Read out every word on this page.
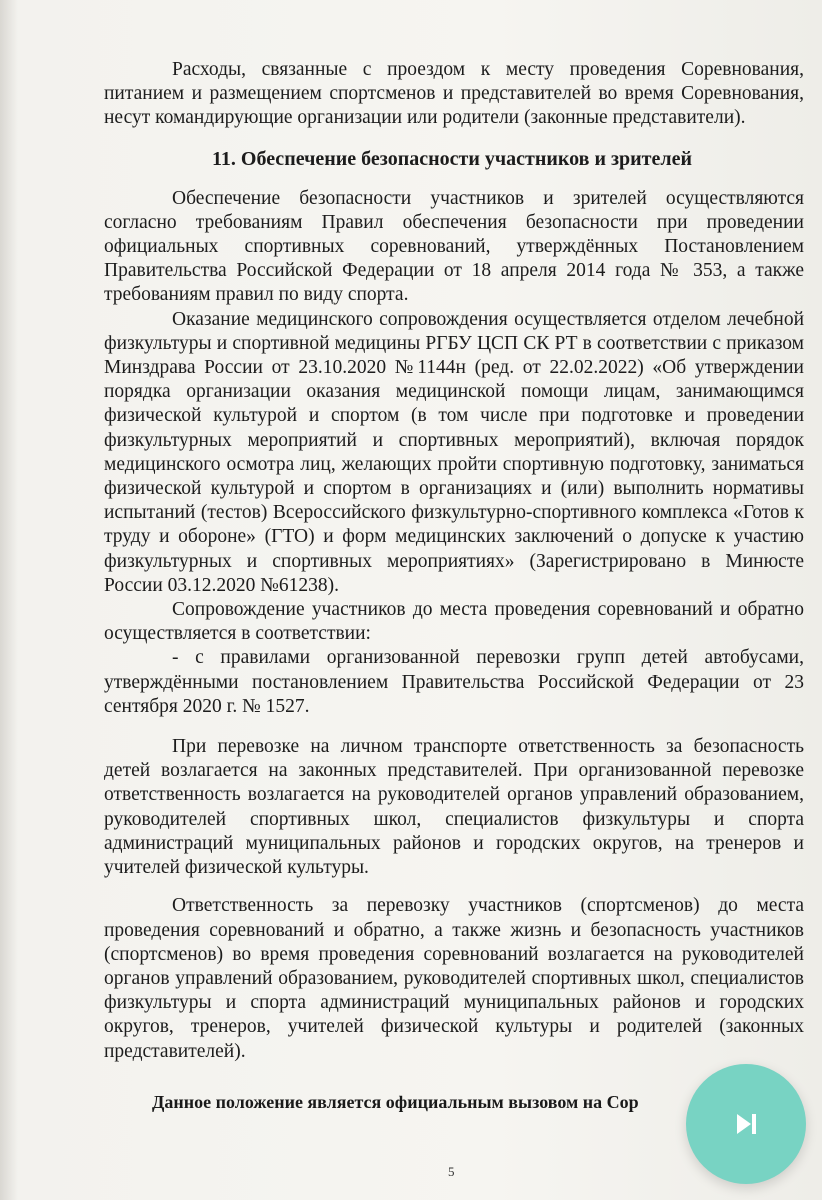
Расходы, связанные с проездом к месту проведения Соревнования, питанием и размещением спортсменов и представителей во время Соревнования, несут командирующие организации или родители (законные представители).

11. Обеспечение безопасности участников и зрителей

Обеспечение безопасности участников и зрителей осуществляются согласно требованиям Правил обеспечения безопасности при проведении официальных спортивных соревнований, утверждённых Постановлением Правительства Российской Федерации от 18 апреля 2014 года № 353, а также требованиям правил по виду спорта.

Оказание медицинского сопровождения осуществляется отделом лечебной физкультуры и спортивной медицины РГБУ ЦСП СК РТ в соответствии с приказом Минздрава России от 23.10.2020 №1144н (ред. от 22.02.2022) «Об утверждении порядка организации оказания медицинской помощи лицам, занимающимся физической культурой и спортом (в том числе при подготовке и проведении физкультурных мероприятий и спортивных мероприятий), включая порядок медицинского осмотра лиц, желающих пройти спортивную подготовку, заниматься физической культурой и спортом в организациях и (или) выполнить нормативы испытаний (тестов) Всероссийского физкультурно-спортивного комплекса «Готов к труду и обороне» (ГТО) и форм медицинских заключений о допуске к участию физкультурных и спортивных мероприятиях» (Зарегистрировано в Минюсте России 03.12.2020 №61238).

Сопровождение участников до места проведения соревнований и обратно осуществляется в соответствии:

- с правилами организованной перевозки групп детей автобусами, утверждёнными постановлением Правительства Российской Федерации от 23 сентября 2020 г. № 1527.

При перевозке на личном транспорте ответственность за безопасность детей возлагается на законных представителей. При организованной перевозке ответственность возлагается на руководителей органов управлений образованием, руководителей спортивных школ, специалистов физкультуры и спорта администраций муниципальных районов и городских округов, на тренеров и учителей физической культуры.

Ответственность за перевозку участников (спортсменов) до места проведения соревнований и обратно, а также жизнь и безопасность участников (спортсменов) во время проведения соревнований возлагается на руководителей органов управлений образованием, руководителей спортивных школ, специалистов физкультуры и спорта администраций муниципальных районов и городских округов, тренеров, учителей физической культуры и родителей (законных представителей).

Данное положение является официальным вызовом на Сор
5
